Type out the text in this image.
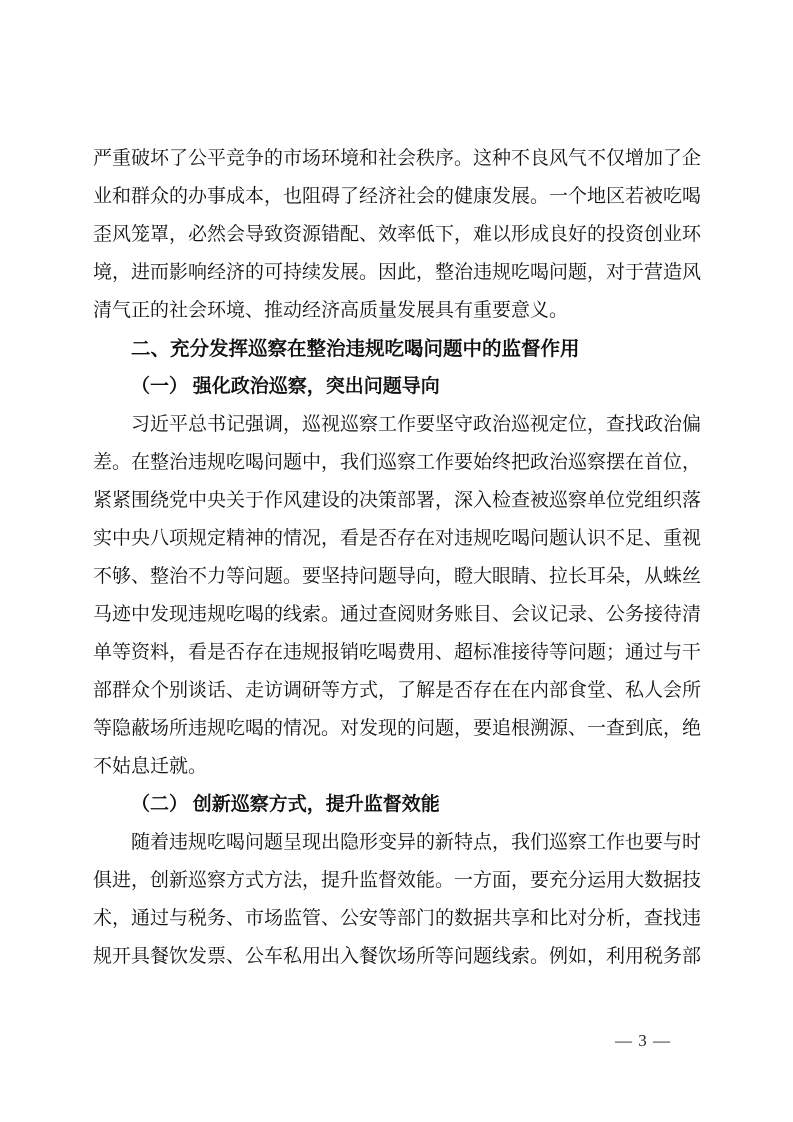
严重破坏了公平竞争的市场环境和社会秩序。这种不良风气不仅增加了企
业和群众的办事成本，也阻碍了经济社会的健康发展。一个地区若被吃喝
歪风笼罩，必然会导致资源错配、效率低下，难以形成良好的投资创业环
境，进而影响经济的可持续发展。因此，整治违规吃喝问题，对于营造风
清气正的社会环境、推动经济高质量发展具有重要意义。
二、充分发挥巡察在整治违规吃喝问题中的监督作用
（一） 强化政治巡察，突出问题导向
习近平总书记强调，巡视巡察工作要坚守政治巡视定位，查找政治偏
差。在整治违规吃喝问题中，我们巡察工作要始终把政治巡察摆在首位，
紧紧围绕党中央关于作风建设的决策部署，深入检查被巡察单位党组织落
实中央八项规定精神的情况，看是否存在对违规吃喝问题认识不足、重视
不够、整治不力等问题。要坚持问题导向，瞪大眼睛、拉长耳朵，从蛛丝
马迹中发现违规吃喝的线索。通过查阅财务账目、会议记录、公务接待清
单等资料，看是否存在违规报销吃喝费用、超标准接待等问题；通过与干
部群众个别谈话、走访调研等方式，了解是否存在在内部食堂、私人会所
等隐蔽场所违规吃喝的情况。对发现的问题，要追根溯源、一查到底，绝
不姑息迁就。
（二） 创新巡察方式，提升监督效能
随着违规吃喝问题呈现出隐形变异的新特点，我们巡察工作也要与时
俱进，创新巡察方式方法，提升监督效能。一方面，要充分运用大数据技
术，通过与税务、市场监管、公安等部门的数据共享和比对分析，查找违
规开具餐饮发票、公车私用出入餐饮场所等问题线索。例如，利用税务部
— 3 —
